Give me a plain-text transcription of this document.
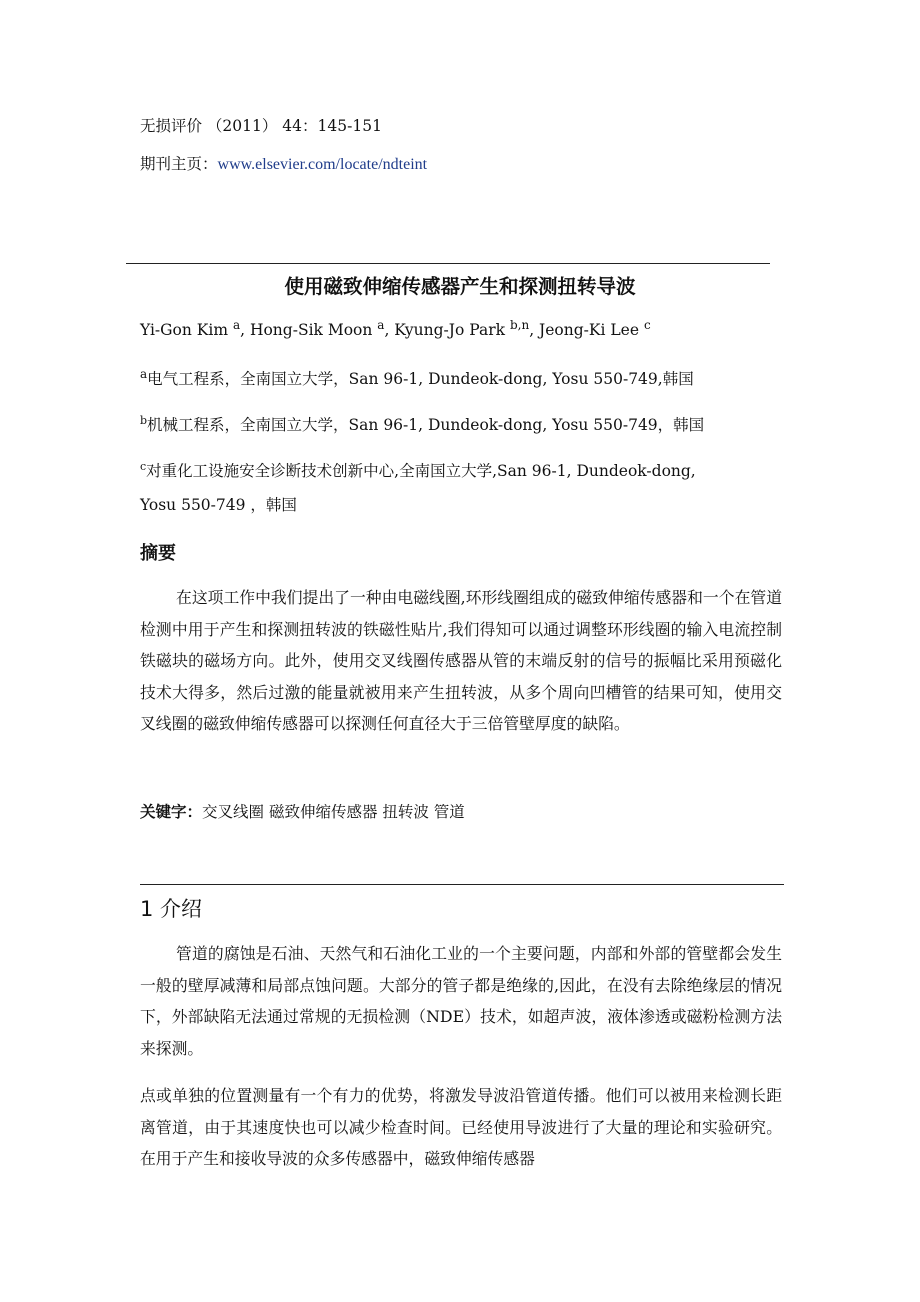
无损评价 （2011） 44：145-151
期刊主页：www.elsevier.com/locate/ndteint
使用磁致伸缩传感器产生和探测扭转导波
Yi-Gon Kim $^a$, Hong-Sik Moon $^a$, Kyung-Jo Park $^{b,n}$, Jeong-Ki Lee $^c$
$^a$电气工程系，全南国立大学，San 96-1, Dundeok-dong, Yosu 550-749,韩国
$^b$机械工程系，全南国立大学，San 96-1, Dundeok-dong, Yosu 550-749，韩国
$^c$对重化工设施安全诊断技术创新中心,全南国立大学,San 96-1, Dundeok-dong,
Yosu 550-749 ，韩国
摘要
在这项工作中我们提出了一种由电磁线圈,环形线圈组成的磁致伸缩传感器和一个在管道检测中用于产生和探测扭转波的铁磁性贴片,我们得知可以通过调整环形线圈的输入电流控制铁磁块的磁场方向。此外，使用交叉线圈传感器从管的末端反射的信号的振幅比采用预磁化技术大得多，然后过激的能量就被用来产生扭转波，从多个周向凹槽管的结果可知，使用交叉线圈的磁致伸缩传感器可以探测任何直径大于三倍管壁厚度的缺陷。
关键字：交叉线圈 磁致伸缩传感器 扭转波 管道
1 介绍
管道的腐蚀是石油、天然气和石油化工业的一个主要问题，内部和外部的管壁都会发生一般的壁厚减薄和局部点蚀问题。大部分的管子都是绝缘的,因此，在没有去除绝缘层的情况下，外部缺陷无法通过常规的无损检测（NDE）技术，如超声波，液体渗透或磁粉检测方法来探测。
点或单独的位置测量有一个有力的优势，将激发导波沿管道传播。他们可以被用来检测长距离管道，由于其速度快也可以减少检查时间。已经使用导波进行了大量的理论和实验研究。在用于产生和接收导波的众多传感器中，磁致伸缩传感器
